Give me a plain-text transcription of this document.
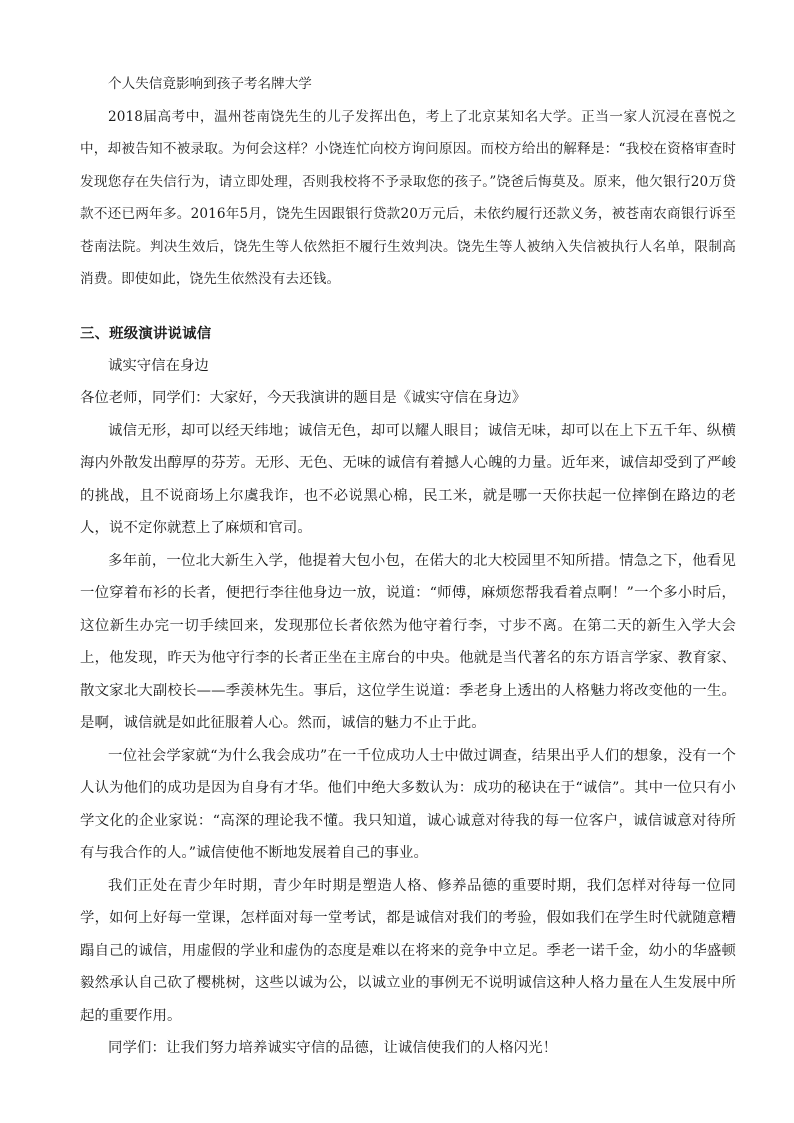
个人失信竟影响到孩子考名牌大学

2018届高考中，温州苍南饶先生的儿子发挥出色，考上了北京某知名大学。正当一家人沉浸在喜悦之中，却被告知不被录取。为何会这样？小饶连忙向校方询问原因。而校方给出的解释是：“我校在资格审查时发现您存在失信行为，请立即处理，否则我校将不予录取您的孩子。”饶爸后悔莫及。原来，他欠银行20万贷款不还已两年多。2016年5月，饶先生因跟银行贷款20万元后，未依约履行还款义务，被苍南农商银行诉至苍南法院。判决生效后，饶先生等人依然拒不履行生效判决。饶先生等人被纳入失信被执行人名单，限制高消费。即使如此，饶先生依然没有去还钱。

三、班级演讲说诚信

诚实守信在身边

各位老师，同学们：大家好，今天我演讲的题目是《诚实守信在身边》

诚信无形，却可以经天纬地；诚信无色，却可以耀人眼目；诚信无味，却可以在上下五千年、纵横海内外散发出醇厚的芬芳。无形、无色、无味的诚信有着撼人心魄的力量。近年来，诚信却受到了严峻的挑战，且不说商场上尔虞我诈，也不必说黑心棉，民工米，就是哪一天你扶起一位摔倒在路边的老人，说不定你就惹上了麻烦和官司。

多年前，一位北大新生入学，他提着大包小包，在偌大的北大校园里不知所措。情急之下，他看见一位穿着布衫的长者，便把行李往他身边一放，说道：“师傅，麻烦您帮我看着点啊！”一个多小时后，这位新生办完一切手续回来，发现那位长者依然为他守着行李，寸步不离。在第二天的新生入学大会上，他发现，昨天为他守行李的长者正坐在主席台的中央。他就是当代著名的东方语言学家、教育家、散文家北大副校长——季羡林先生。事后，这位学生说道：季老身上透出的人格魅力将改变他的一生。是啊，诚信就是如此征服着人心。然而，诚信的魅力不止于此。

一位社会学家就“为什么我会成功”在一千位成功人士中做过调查，结果出乎人们的想象，没有一个人认为他们的成功是因为自身有才华。他们中绝大多数认为：成功的秘诀在于“诚信”。其中一位只有小学文化的企业家说：“高深的理论我不懂。我只知道，诚心诚意对待我的每一位客户，诚信诚意对待所有与我合作的人。”诚信使他不断地发展着自己的事业。

我们正处在青少年时期，青少年时期是塑造人格、修养品德的重要时期，我们怎样对待每一位同学，如何上好每一堂课，怎样面对每一堂考试，都是诚信对我们的考验，假如我们在学生时代就随意糟蹋自己的诚信，用虚假的学业和虚伪的态度是难以在将来的竞争中立足。季老一诺千金，幼小的华盛顿毅然承认自己砍了樱桃树，这些以诚为公，以诚立业的事例无不说明诚信这种人格力量在人生发展中所起的重要作用。

同学们：让我们努力培养诚实守信的品德，让诚信使我们的人格闪光！
